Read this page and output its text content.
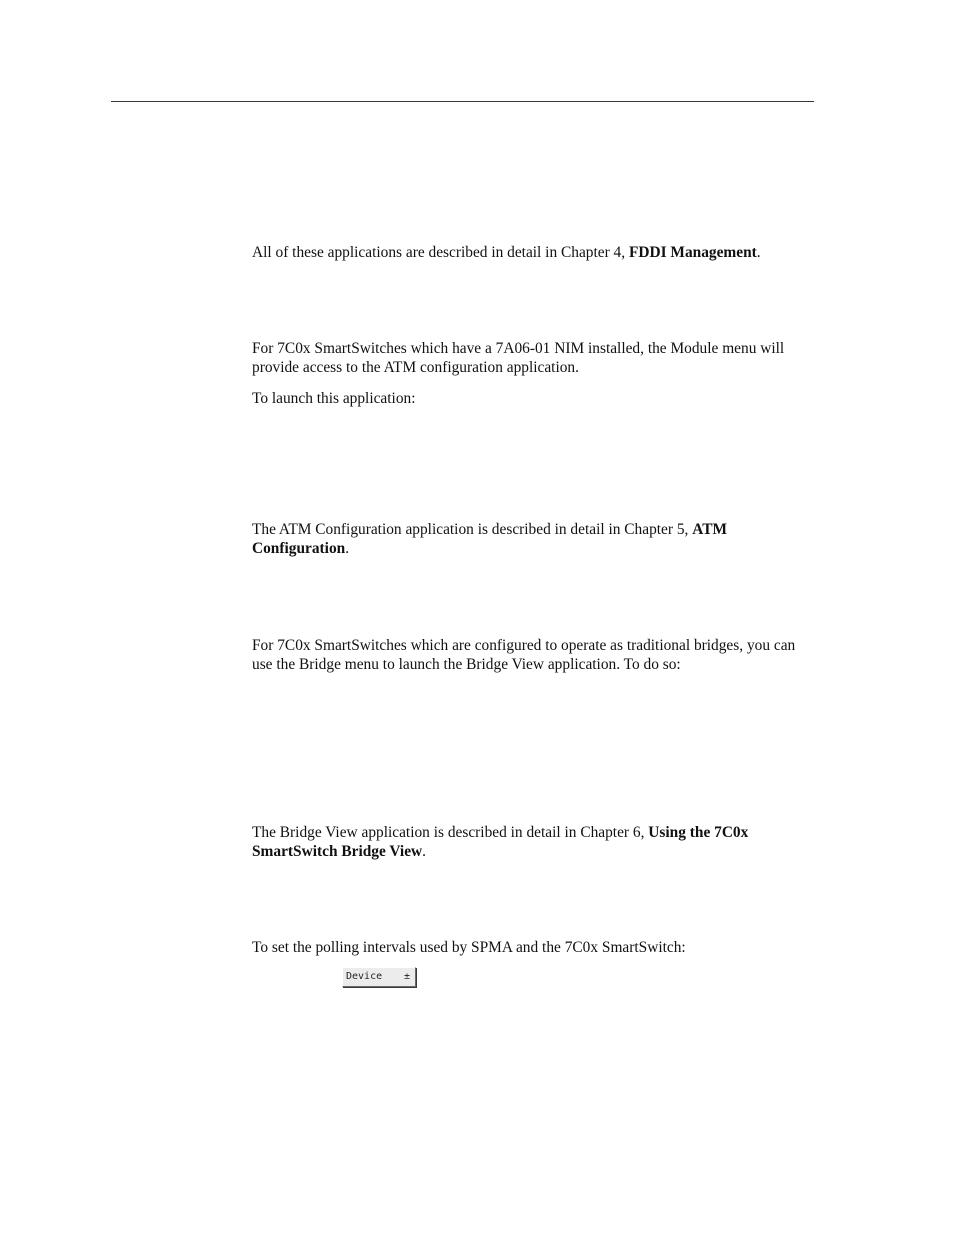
All of these applications are described in detail in Chapter 4, FDDI Management.

For 7C0x SmartSwitches which have a 7A06-01 NIM installed, the Module menu will provide access to the ATM configuration application.

To launch this application:

The ATM Configuration application is described in detail in Chapter 5, ATM Configuration.

For 7C0x SmartSwitches which are configured to operate as traditional bridges, you can use the Bridge menu to launch the Bridge View application. To do so:

The Bridge View application is described in detail in Chapter 6, Using the 7C0x SmartSwitch Bridge View.

To set the polling intervals used by SPMA and the 7C0x SmartSwitch:

Device ±
